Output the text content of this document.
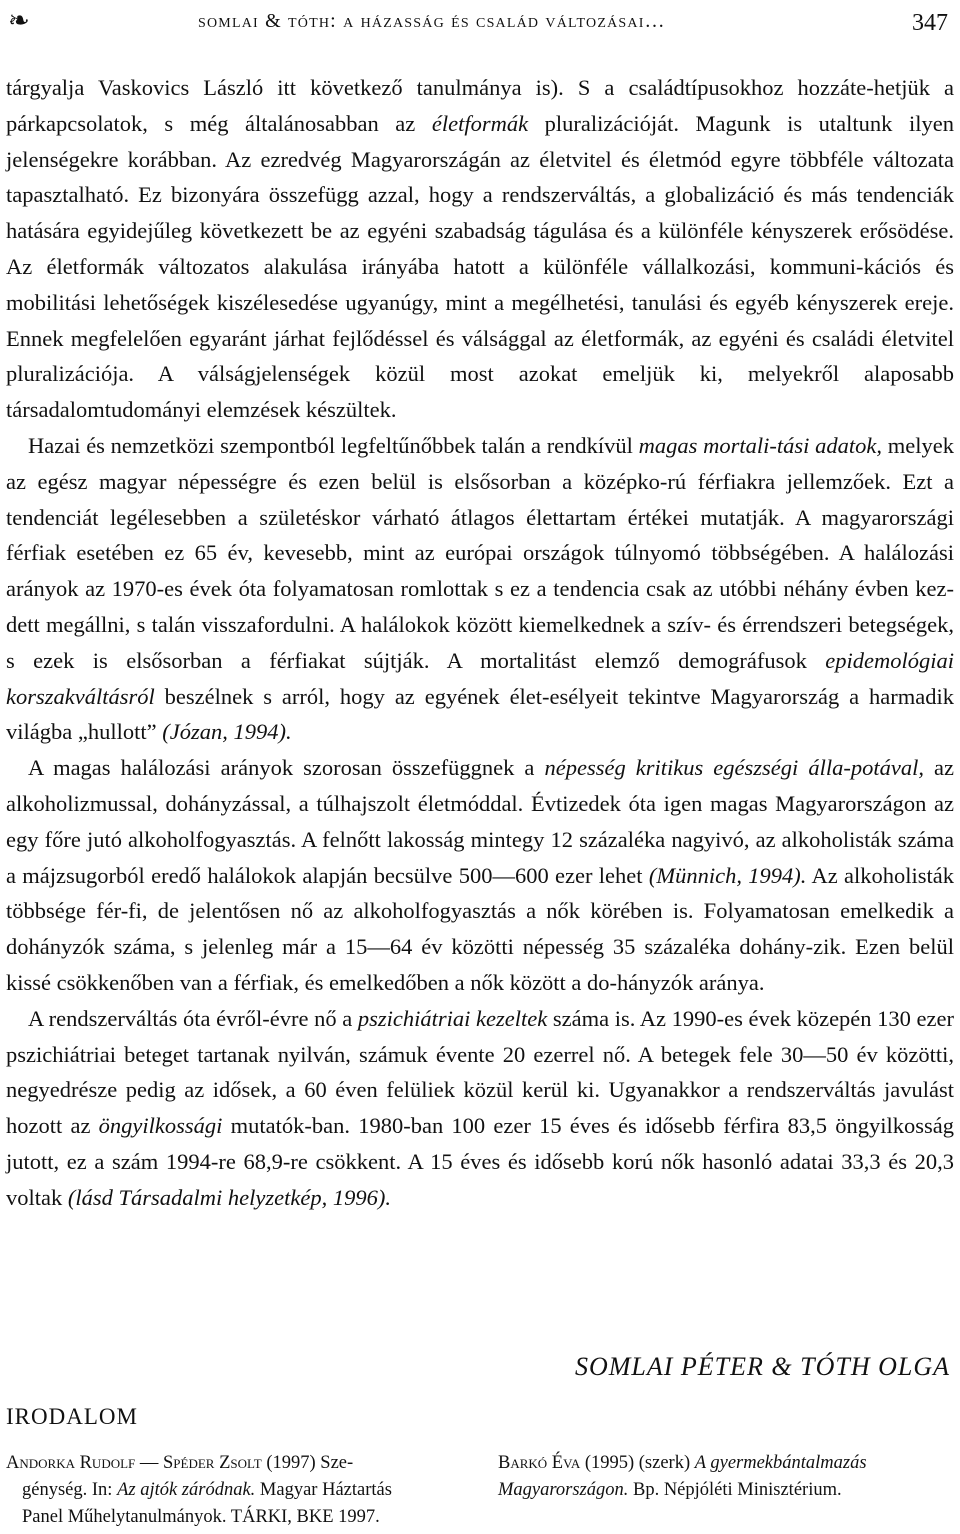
❧	somlai & tóth: a házasság és család változásai…	347

tárgyalja Vaskovics László itt következő tanulmánya is). S a családtípusokhoz hozzáte-hetjük a párkapcsolatok, s még általánosabban az életformák pluralizációját. Magunk is utaltunk ilyen jelenségekre korábban. Az ezredvég Magyarországán az életvitel és életmód egyre többféle változata tapasztalható. Ez bizonyára összefügg azzal, hogy a rendszerváltás, a globalizáció és más tendenciák hatására egyidejűleg következett be az egyéni szabadság tágulása és a különféle kényszerek erősödése. Az életformák változatos alakulása irányába hatott a különféle vállalkozási, kommuni-kációs és mobilitási lehetőségek kiszélesedése ugyanúgy, mint a megélhetési, tanulási és egyéb kényszerek ereje. Ennek megfelelően egyaránt járhat fejlődéssel és válsággal az életformák, az egyéni és családi életvitel pluralizációja. A válságjelenségek közül most azokat emeljük ki, melyekről alaposabb társadalomtudományi elemzések készültek.

Hazai és nemzetközi szempontból legfeltűnőbbek talán a rendkívül magas mortali-tási adatok, melyek az egész magyar népességre és ezen belül is elsősorban a középko-rú férfiakra jellemzőek. Ezt a tendenciát legélesebben a születéskor várható átlagos élettartam értékei mutatják. A magyarországi férfiak esetében ez 65 év, kevesebb, mint az európai országok túlnyomó többségében. A halálozási arányok az 1970-es évek óta folyamatosan romlottak s ez a tendencia csak az utóbbi néhány évben kez-dett megállni, s talán visszafordulni. A halálokok között kiemelkednek a szív- és érrendszeri betegségek, s ezek is elsősorban a férfiakat sújtják. A mortalitást elemző demográfusok epidemológiai korszakváltásról beszélnek s arról, hogy az egyének élet-esélyeit tekintve Magyarország a harmadik világba „hullott” (Józan, 1994).

A magas halálozási arányok szorosan összefüggnek a népesség kritikus egészségi álla-potával, az alkoholizmussal, dohányzással, a túlhajszolt életmóddal. Évtizedek óta igen magas Magyarországon az egy főre jutó alkoholfogyasztás. A felnőtt lakosság mintegy 12 százaléka nagyivó, az alkoholisták száma a májzsugorból eredő halálokok alapján becsülve 500—600 ezer lehet (Münnich, 1994). Az alkoholisták többsége fér-fi, de jelentősen nő az alkoholfogyasztás a nők körében is. Folyamatosan emelkedik a dohányzók száma, s jelenleg már a 15—64 év közötti népesség 35 százaléka dohány-zik. Ezen belül kissé csökkenőben van a férfiak, és emelkedőben a nők között a do-hányzók aránya.

A rendszerváltás óta évről-évre nő a pszichiátriai kezeltek száma is. Az 1990-es évek közepén 130 ezer pszichiátriai beteget tartanak nyilván, számuk évente 20 ezerrel nő. A betegek fele 30—50 év közötti, negyedrésze pedig az idősek, a 60 éven felüliek közül kerül ki. Ugyanakkor a rendszerváltás javulást hozott az öngyilkossági mutatók-ban. 1980-ban 100 ezer 15 éves és idősebb férfira 83,5 öngyilkosság jutott, ez a szám 1994-re 68,9-re csökkent. A 15 éves és idősebb korú nők hasonló adatai 33,3 és 20,3 voltak (lásd Társadalmi helyzetkép, 1996).

SOMLAI PÉTER & TÓTH OLGA
IRODALOM
Andorka Rudolf — Spéder Zsolt (1997) Sze-
génység. In: Az ajtók záródnak. Magyar Háztartás
Panel Műhelytanulmányok. TÁRKI, BKE 1997.
Barkó Éva (1995) (szerk) A gyermekbántalmazás Magyarországon. Bp. Népjóléti Minisztérium.
